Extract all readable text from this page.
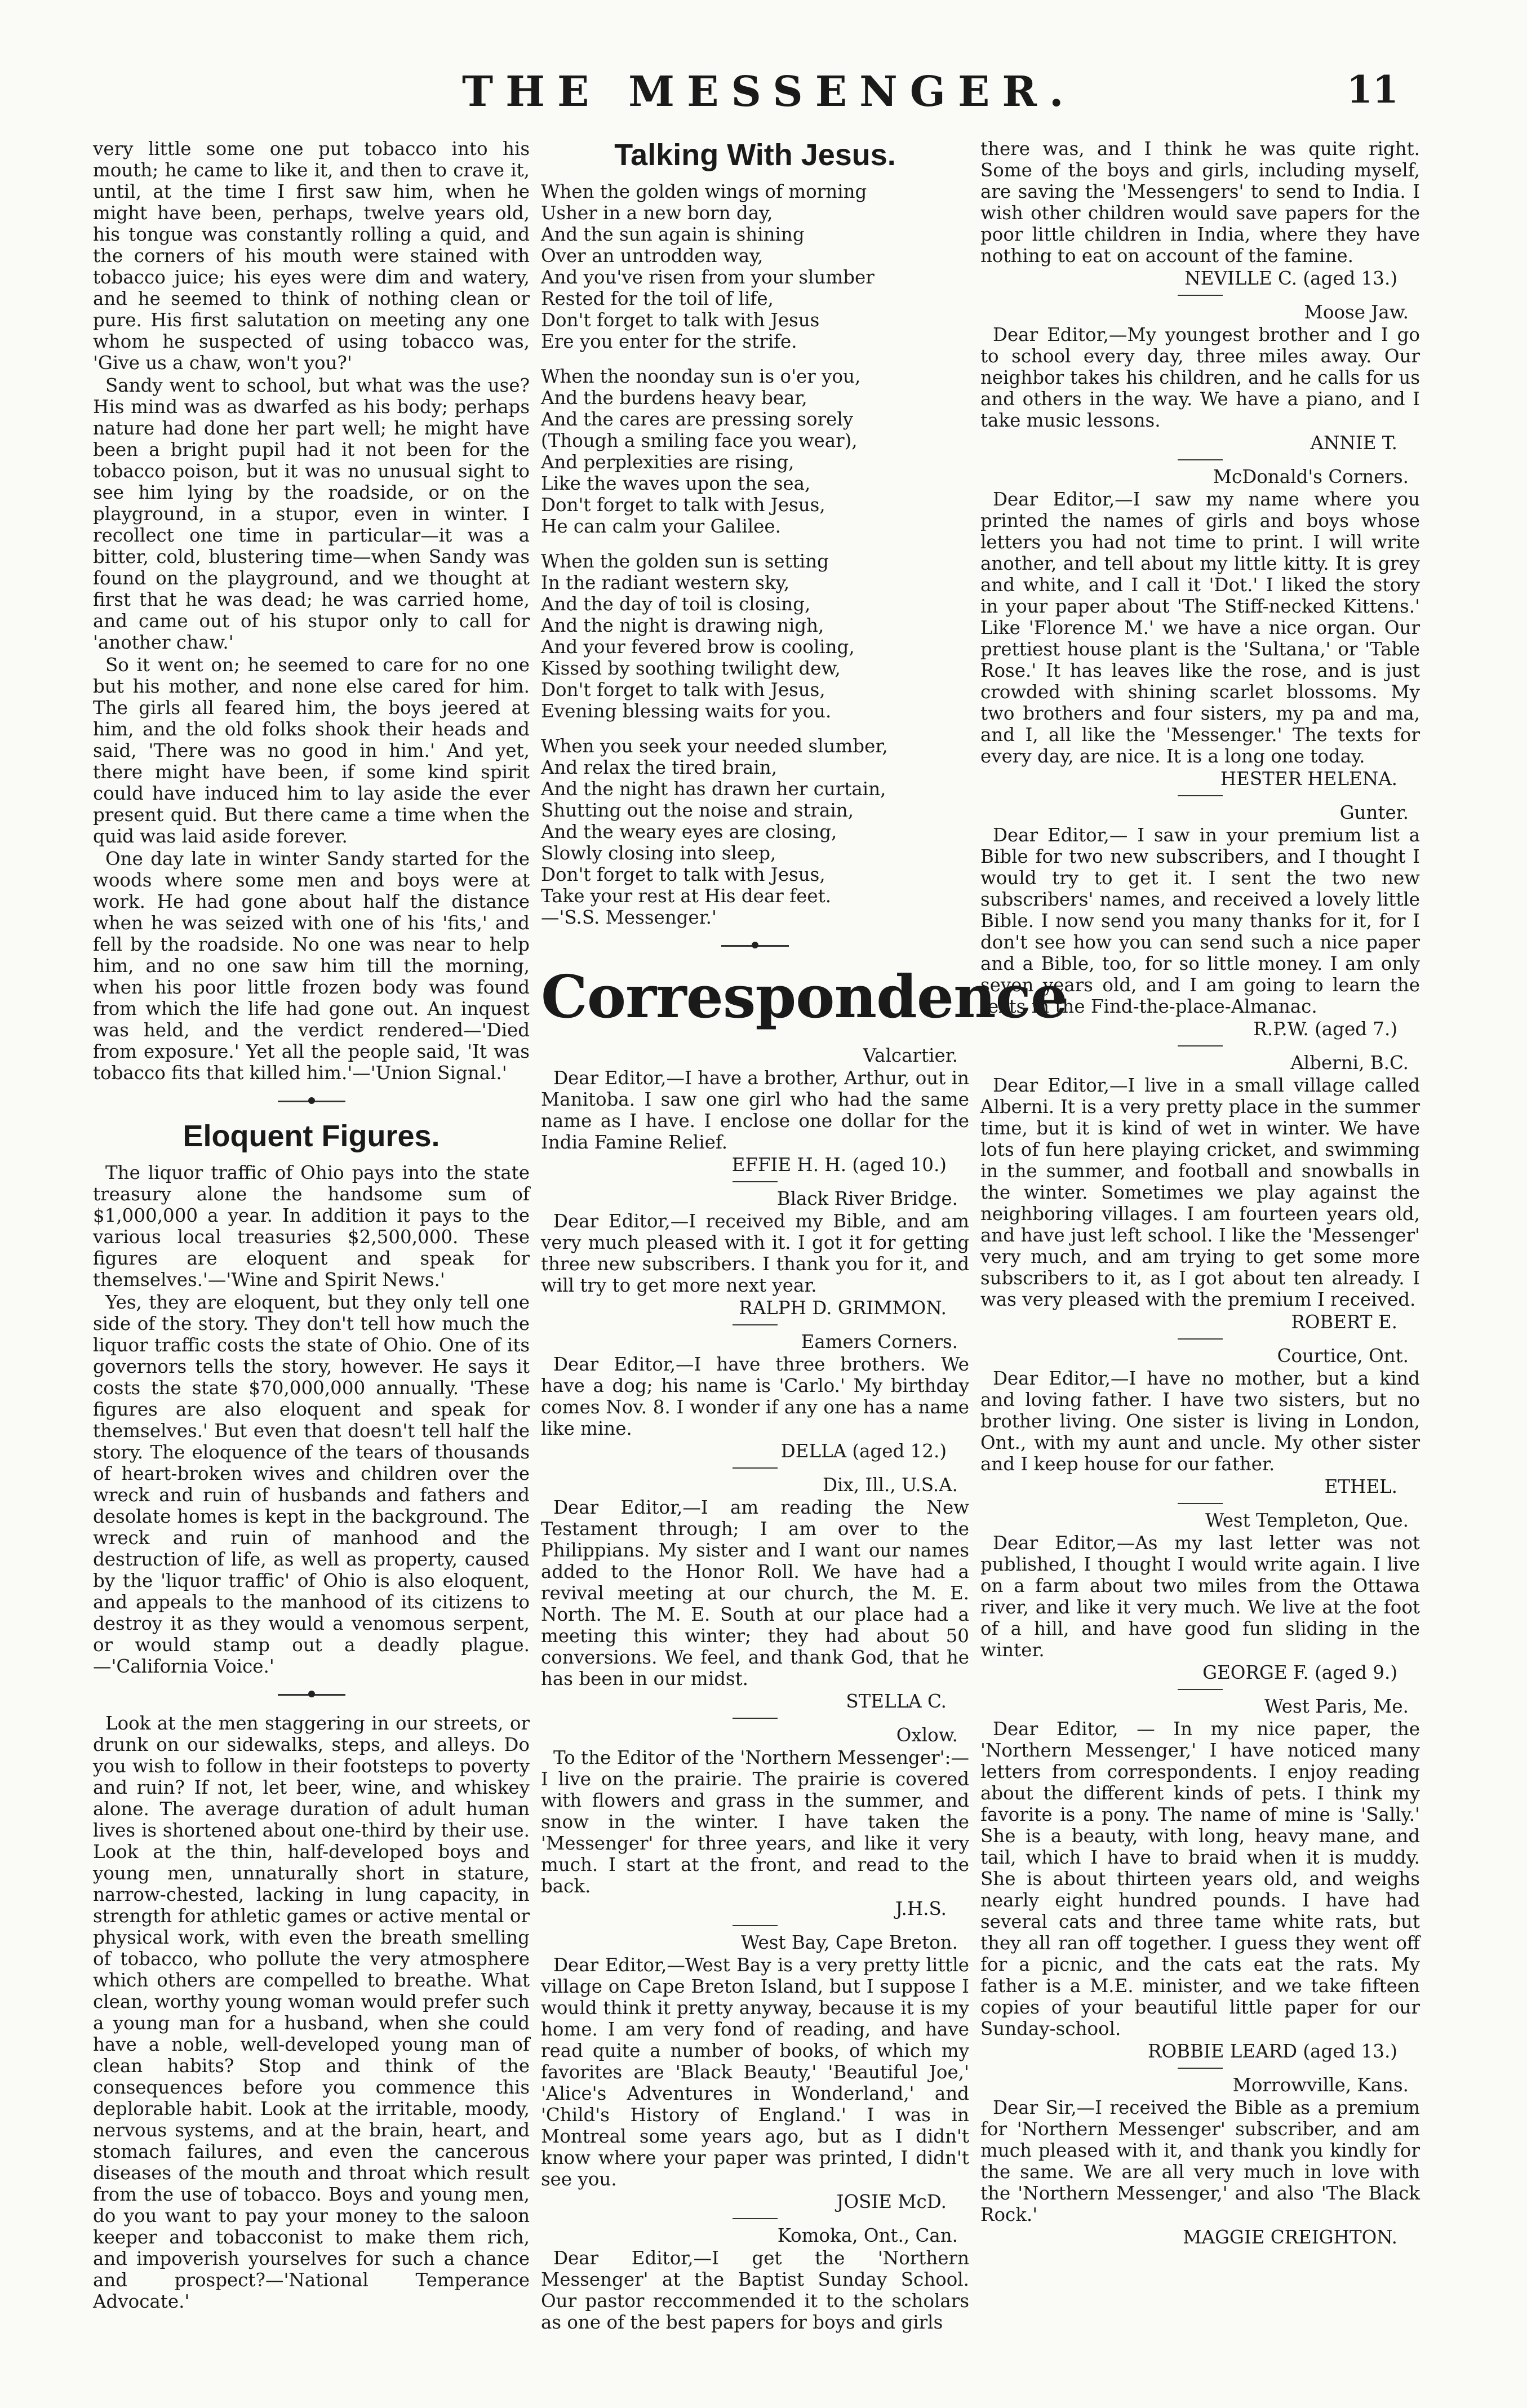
THE MESSENGER.	11

very little some one put tobacco into his mouth; he came to like it, and then to crave it, until, at the time I first saw him, when he might have been, perhaps, twelve years old, his tongue was constantly rolling a quid, and the corners of his mouth were stained with tobacco juice; his eyes were dim and watery, and he seemed to think of nothing clean or pure. His first salutation on meeting any one whom he suspected of using tobacco was, 'Give us a chaw, won't you?'

Sandy went to school, but what was the use? His mind was as dwarfed as his body; perhaps nature had done her part well; he might have been a bright pupil had it not been for the tobacco poison, but it was no unusual sight to see him lying by the roadside, or on the playground, in a stupor, even in winter. I recollect one time in particular—it was a bitter, cold, blustering time—when Sandy was found on the playground, and we thought at first that he was dead; he was carried home, and came out of his stupor only to call for 'another chaw.'

So it went on; he seemed to care for no one but his mother, and none else cared for him. The girls all feared him, the boys jeered at him, and the old folks shook their heads and said, 'There was no good in him.' And yet, there might have been, if some kind spirit could have induced him to lay aside the ever present quid. But there came a time when the quid was laid aside forever.

One day late in winter Sandy started for the woods where some men and boys were at work. He had gone about half the distance when he was seized with one of his 'fits,' and fell by the roadside. No one was near to help him, and no one saw him till the morning, when his poor little frozen body was found from which the life had gone out. An inquest was held, and the verdict rendered—'Died from exposure.' Yet all the people said, 'It was tobacco fits that killed him.'—'Union Signal.'

Eloquent Figures.

The liquor traffic of Ohio pays into the state treasury alone the handsome sum of $1,000,000 a year. In addition it pays to the various local treasuries $2,500,000. These figures are eloquent and speak for themselves.'—'Wine and Spirit News.'

Yes, they are eloquent, but they only tell one side of the story. They don't tell how much the liquor traffic costs the state of Ohio. One of its governors tells the story, however. He says it costs the state $70,000,000 annually. 'These figures are also eloquent and speak for themselves.' But even that doesn't tell half the story. The eloquence of the tears of thousands of heart-broken wives and children over the wreck and ruin of husbands and fathers and desolate homes is kept in the background. The wreck and ruin of manhood and the destruction of life, as well as property, caused by the 'liquor traffic' of Ohio is also eloquent, and appeals to the manhood of its citizens to destroy it as they would a venomous serpent, or would stamp out a deadly plague.—'California Voice.'

Look at the men staggering in our streets, or drunk on our sidewalks, steps, and alleys. Do you wish to follow in their footsteps to poverty and ruin? If not, let beer, wine, and whiskey alone. The average duration of adult human lives is shortened about one-third by their use. Look at the thin, half-developed boys and young men, unnaturally short in stature, narrow-chested, lacking in lung capacity, in strength for athletic games or active mental or physical work, with even the breath smelling of tobacco, who pollute the very atmosphere which others are compelled to breathe. What clean, worthy young woman would prefer such a young man for a husband, when she could have a noble, well-developed young man of clean habits? Stop and think of the consequences before you commence this deplorable habit. Look at the irritable, moody, nervous systems, and at the brain, heart, and stomach failures, and even the cancerous diseases of the mouth and throat which result from the use of tobacco. Boys and young men, do you want to pay your money to the saloon keeper and tobacconist to make them rich, and impoverish yourselves for such a chance and prospect?—'National Temperance Advocate.'

Talking With Jesus.
When the golden wings of morning
Usher in a new born day,
And the sun again is shining
Over an untrodden way,
And you've risen from your slumber
Rested for the toil of life,
Don't forget to talk with Jesus
Ere you enter for the strife.
When the noonday sun is o'er you,
And the burdens heavy bear,
And the cares are pressing sorely
(Though a smiling face you wear),
And perplexities are rising,
Like the waves upon the sea,
Don't forget to talk with Jesus,
He can calm your Galilee.
When the golden sun is setting
In the radiant western sky,
And the day of toil is closing,
And the night is drawing nigh,
And your fevered brow is cooling,
Kissed by soothing twilight dew,
Don't forget to talk with Jesus,
Evening blessing waits for you.
When you seek your needed slumber,
And relax the tired brain,
And the night has drawn her curtain,
Shutting out the noise and strain,
And the weary eyes are closing,
Slowly closing into sleep,
Don't forget to talk with Jesus,
Take your rest at His dear feet.
—'S.S. Messenger.'
Correspondence
Valcartier.

Dear Editor,—I have a brother, Arthur, out in Manitoba. I saw one girl who had the same name as I have. I enclose one dollar for the India Famine Relief.

EFFIE H. H. (aged 10.)
Black River Bridge.

Dear Editor,—I received my Bible, and am very much pleased with it. I got it for getting three new subscribers. I thank you for it, and will try to get more next year.

RALPH D. GRIMMON.
Eamers Corners.

Dear Editor,—I have three brothers. We have a dog; his name is 'Carlo.' My birthday comes Nov. 8. I wonder if any one has a name like mine.

DELLA (aged 12.)
Dix, Ill., U.S.A.

Dear Editor,—I am reading the New Testament through; I am over to the Philippians. My sister and I want our names added to the Honor Roll. We have had a revival meeting at our church, the M. E. North. The M. E. South at our place had a meeting this winter; they had about 50 conversions. We feel, and thank God, that he has been in our midst.

STELLA C.
Oxlow.

To the Editor of the 'Northern Messenger':—I live on the prairie. The prairie is covered with flowers and grass in the summer, and snow in the winter. I have taken the 'Messenger' for three years, and like it very much. I start at the front, and read to the back.

J.H.S.
West Bay, Cape Breton.

Dear Editor,—West Bay is a very pretty little village on Cape Breton Island, but I suppose I would think it pretty anyway, because it is my home. I am very fond of reading, and have read quite a number of books, of which my favorites are 'Black Beauty,' 'Beautiful Joe,' 'Alice's Adventures in Wonderland,' and 'Child's History of England.' I was in Montreal some years ago, but as I didn't know where your paper was printed, I didn't see you.

JOSIE McD.
Komoka, Ont., Can.

Dear Editor,—I get the 'Northern Messenger' at the Baptist Sunday School. Our pastor reccommended it to the scholars as one of the best papers for boys and girls

there was, and I think he was quite right. Some of the boys and girls, including myself, are saving the 'Messengers' to send to India. I wish other children would save papers for the poor little children in India, where they have nothing to eat on account of the famine.

NEVILLE C. (aged 13.)
Moose Jaw.

Dear Editor,—My youngest brother and I go to school every day, three miles away. Our neighbor takes his children, and he calls for us and others in the way. We have a piano, and I take music lessons.

ANNIE T.
McDonald's Corners.

Dear Editor,—I saw my name where you printed the names of girls and boys whose letters you had not time to print. I will write another, and tell about my little kitty. It is grey and white, and I call it 'Dot.' I liked the story in your paper about 'The Stiff-necked Kittens.' Like 'Florence M.' we have a nice organ. Our prettiest house plant is the 'Sultana,' or 'Table Rose.' It has leaves like the rose, and is just crowded with shining scarlet blossoms. My two brothers and four sisters, my pa and ma, and I, all like the 'Messenger.' The texts for every day, are nice. It is a long one today.

HESTER HELENA.
Gunter.

Dear Editor,— I saw in your premium list a Bible for two new subscribers, and I thought I would try to get it. I sent the two new subscribers' names, and received a lovely little Bible. I now send you many thanks for it, for I don't see how you can send such a nice paper and a Bible, too, for so little money. I am only seven years old, and I am going to learn the texts in the Find-the-place-Almanac.

R.P.W. (aged 7.)
Alberni, B.C.

Dear Editor,—I live in a small village called Alberni. It is a very pretty place in the summer time, but it is kind of wet in winter. We have lots of fun here playing cricket, and swimming in the summer, and football and snowballs in the winter. Sometimes we play against the neighboring villages. I am fourteen years old, and have just left school. I like the 'Messenger' very much, and am trying to get some more subscribers to it, as I got about ten already. I was very pleased with the premium I received.

ROBERT E.
Courtice, Ont.

Dear Editor,—I have no mother, but a kind and loving father. I have two sisters, but no brother living. One sister is living in London, Ont., with my aunt and uncle. My other sister and I keep house for our father.

ETHEL.
West Templeton, Que.

Dear Editor,—As my last letter was not published, I thought I would write again. I live on a farm about two miles from the Ottawa river, and like it very much. We live at the foot of a hill, and have good fun sliding in the winter.

GEORGE F. (aged 9.)
West Paris, Me.

Dear Editor, — In my nice paper, the 'Northern Messenger,' I have noticed many letters from correspondents. I enjoy reading about the different kinds of pets. I think my favorite is a pony. The name of mine is 'Sally.' She is a beauty, with long, heavy mane, and tail, which I have to braid when it is muddy. She is about thirteen years old, and weighs nearly eight hundred pounds. I have had several cats and three tame white rats, but they all ran off together. I guess they went off for a picnic, and the cats eat the rats. My father is a M.E. minister, and we take fifteen copies of your beautiful little paper for our Sunday-school.

ROBBIE LEARD (aged 13.)
Morrowville, Kans.

Dear Sir,—I received the Bible as a premium for 'Northern Messenger' subscriber, and am much pleased with it, and thank you kindly for the same. We are all very much in love with the 'Northern Messenger,' and also 'The Black Rock.'

MAGGIE CREIGHTON.
